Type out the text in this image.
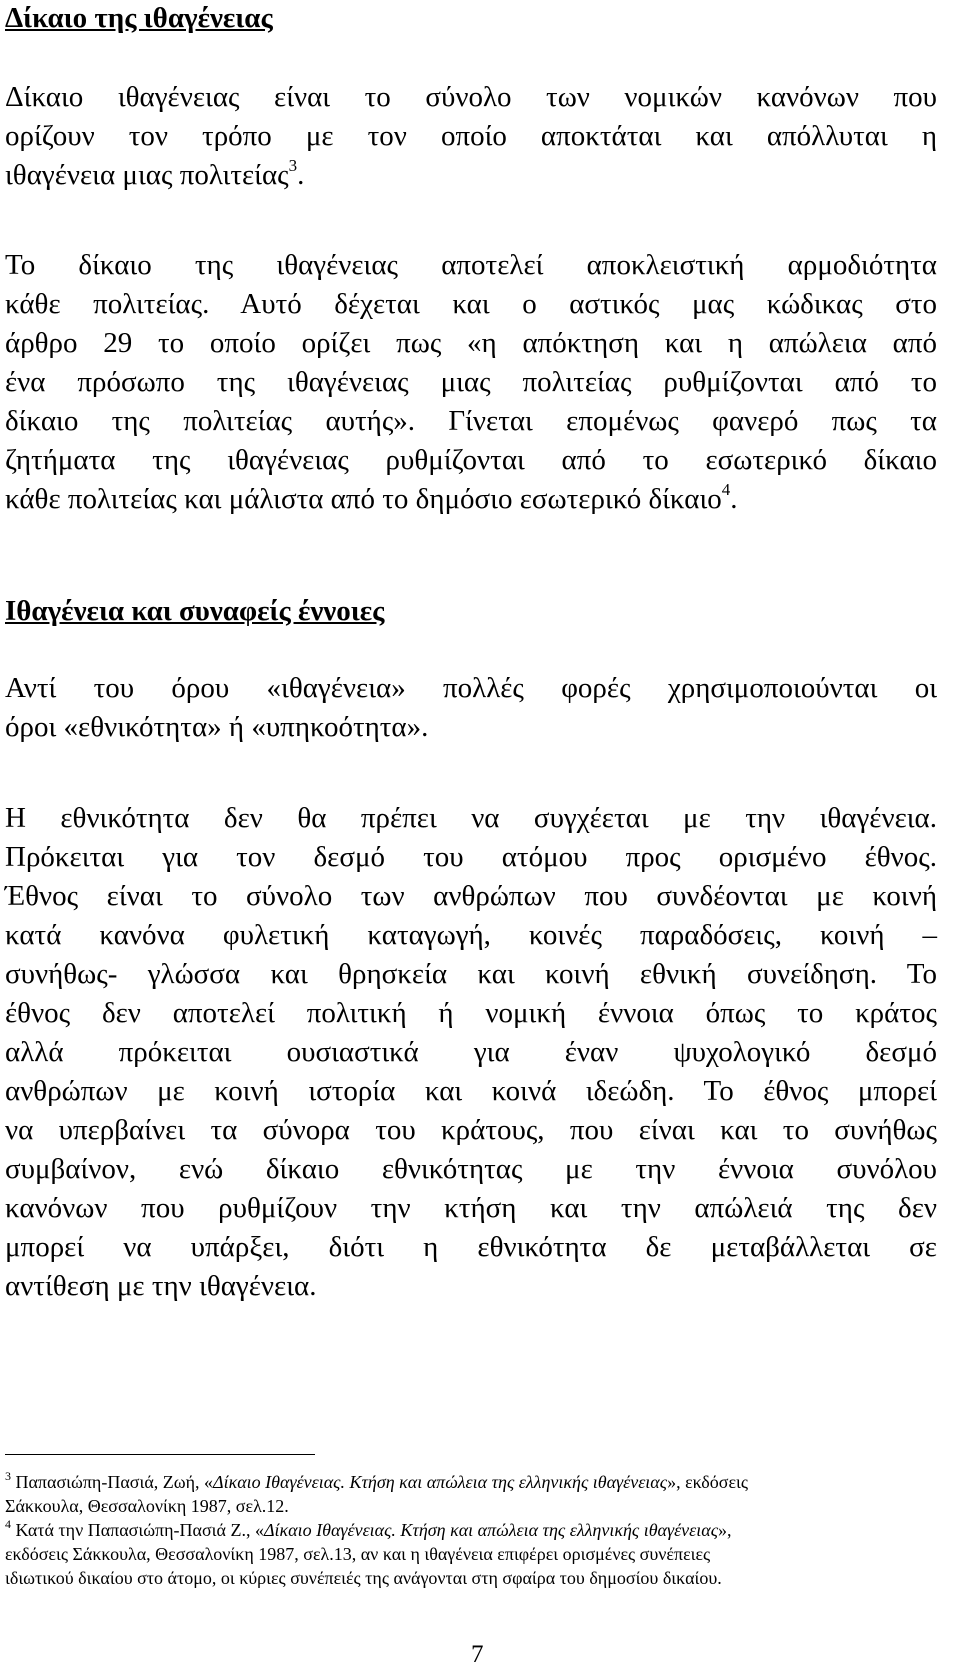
Δίκαιο της ιθαγένειας
Δίκαιο ιθαγένειας είναι το σύνολο των νομικών κανόνων που
ορίζουν τον τρόπο με τον οποίο αποκτάται και απόλλυται η
ιθαγένεια μιας πολιτείας$^3$.
Το δίκαιο της ιθαγένειας αποτελεί αποκλειστική αρμοδιότητα
κάθε πολιτείας. Αυτό δέχεται και ο αστικός μας κώδικας στο
άρθρο 29 το οποίο ορίζει πως «η απόκτηση και η απώλεια από
ένα πρόσωπο της ιθαγένειας μιας πολιτείας ρυθμίζονται από το
δίκαιο της πολιτείας αυτής». Γίνεται επομένως φανερό πως τα
ζητήματα της ιθαγένειας ρυθμίζονται από το εσωτερικό δίκαιο
κάθε πολιτείας και μάλιστα από το δημόσιο εσωτερικό δίκαιο$^4$.
Ιθαγένεια και συναφείς έννοιες
Αντί του όρου «ιθαγένεια» πολλές φορές χρησιμοποιούνται οι
όροι «εθνικότητα» ή «υπηκοότητα».
Η εθνικότητα δεν θα πρέπει να συγχέεται με την ιθαγένεια.
Πρόκειται για τον δεσμό του ατόμου προς ορισμένο έθνος.
Έθνος είναι το σύνολο των ανθρώπων που συνδέονται με κοινή
κατά κανόνα φυλετική καταγωγή, κοινές παραδόσεις, κοινή –
συνήθως- γλώσσα και θρησκεία και κοινή εθνική συνείδηση. Το
έθνος δεν αποτελεί πολιτική ή νομική έννοια όπως το κράτος
αλλά πρόκειται ουσιαστικά για έναν ψυχολογικό δεσμό
ανθρώπων με κοινή ιστορία και κοινά ιδεώδη. Το έθνος μπορεί
να υπερβαίνει τα σύνορα του κράτους, που είναι και το συνήθως
συμβαίνον, ενώ δίκαιο εθνικότητας με την έννοια συνόλου
κανόνων που ρυθμίζουν την κτήση και την απώλειά της δεν
μπορεί να υπάρξει, διότι η εθνικότητα δε μεταβάλλεται σε
αντίθεση με την ιθαγένεια.
$^3$ Παπασιώπη-Πασιά, Ζωή, «Δίκαιο Ιθαγένειας. Κτήση και απώλεια της ελληνικής ιθαγένειας», εκδόσεις
Σάκκουλα, Θεσσαλονίκη 1987, σελ.12.
$^4$ Κατά την Παπασιώπη-Πασιά Ζ., «Δίκαιο Ιθαγένειας. Κτήση και απώλεια της ελληνικής ιθαγένειας»,
εκδόσεις Σάκκουλα, Θεσσαλονίκη 1987, σελ.13, αν και η ιθαγένεια επιφέρει ορισμένες συνέπειες
ιδιωτικού δικαίου στο άτομο, οι κύριες συνέπειές της ανάγονται στη σφαίρα του δημοσίου δικαίου.
7
